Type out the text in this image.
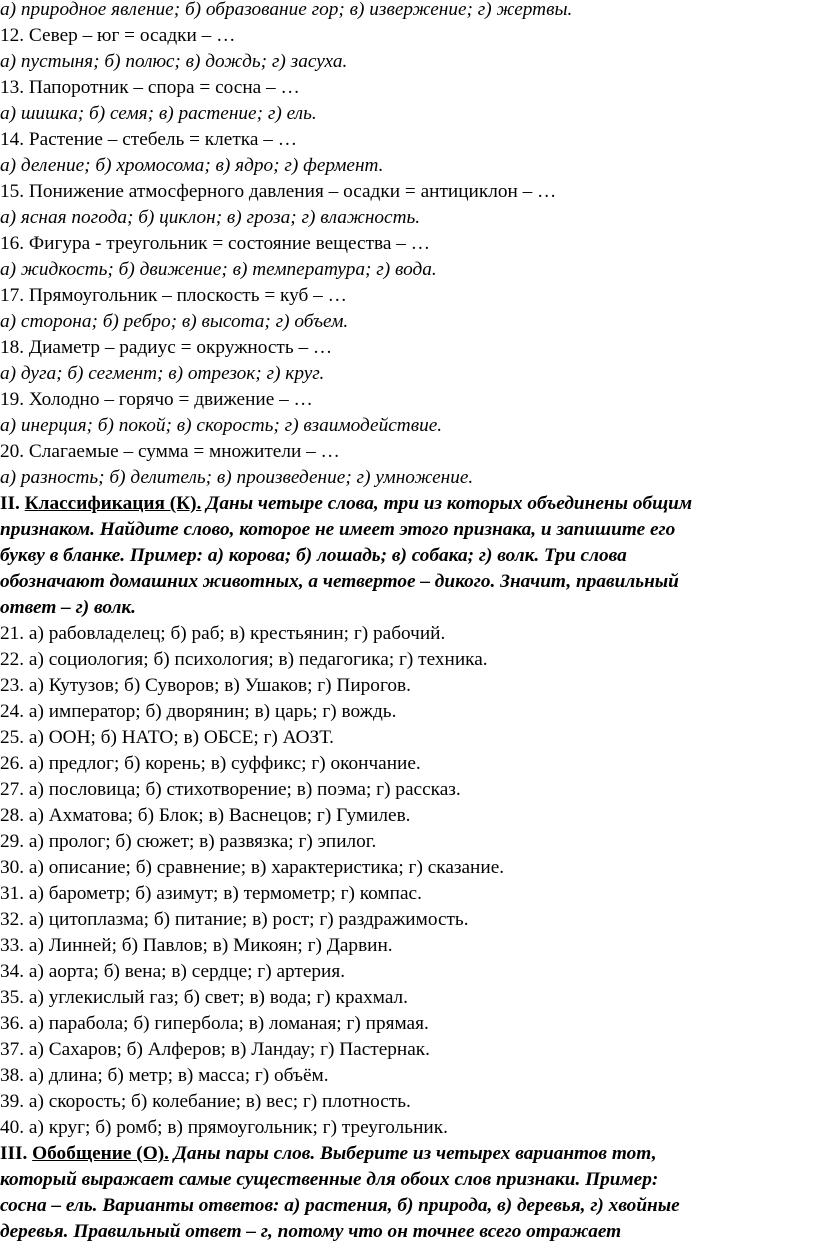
а) природное явление; б) образование гор; в) извержение; г) жертвы.
12. Север – юг = осадки – …
а) пустыня; б) полюс; в) дождь; г) засуха.
13. Папоротник – спора = сосна – …
а) шишка; б) семя; в) растение; г) ель.
14. Растение – стебель = клетка – …
а) деление; б) хромосома; в) ядро; г) фермент.
15. Понижение атмосферного давления – осадки = антициклон – …
а) ясная погода; б) циклон; в) гроза; г) влажность.
16. Фигура - треугольник = состояние вещества – …
а) жидкость; б) движение; в) температура; г) вода.
17. Прямоугольник – плоскость = куб – …
а) сторона; б) ребро; в) высота; г) объем.
18. Диаметр – радиус = окружность – …
а) дуга; б) сегмент; в) отрезок; г) круг.
19. Холодно – горячо = движение – …
а) инерция; б) покой; в) скорость; г) взаимодействие.
20. Слагаемые – сумма = множители – …
а) разность; б) делитель; в) произведение; г) умножение.
II. Классификация (К). Даны четыре слова, три из которых объединены общим
признаком. Найдите слово, которое не имеет этого признака, и запишите его
букву в бланке. Пример: а) корова; б) лошадь; в) собака; г) волк. Три слова
обозначают домашних животных, а четвертое – дикого. Значит, правильный
ответ – г) волк.
21. а) рабовладелец; б) раб; в) крестьянин; г) рабочий.
22. а) социология; б) психология; в) педагогика; г) техника.
23. а) Кутузов; б) Суворов; в) Ушаков; г) Пирогов.
24. а) император; б) дворянин; в) царь; г) вождь.
25. а) ООН; б) НАТО; в) ОБСЕ; г) АОЗТ.
26. а) предлог; б) корень; в) суффикс; г) окончание.
27. а) пословица; б) стихотворение; в) поэма; г) рассказ.
28. а) Ахматова; б) Блок; в) Васнецов; г) Гумилев.
29. а) пролог; б) сюжет; в) развязка; г) эпилог.
30. а) описание; б) сравнение; в) характеристика; г) сказание.
31. а) барометр; б) азимут; в) термометр; г) компас.
32. а) цитоплазма; б) питание; в) рост; г) раздражимость.
33. а) Линней; б) Павлов; в) Микоян; г) Дарвин.
34. а) аорта; б) вена; в) сердце; г) артерия.
35. а) углекислый газ; б) свет; в) вода; г) крахмал.
36. а) парабола; б) гипербола; в) ломаная; г) прямая.
37. а) Сахаров; б) Алферов; в) Ландау; г) Пастернак.
38. а) длина; б) метр; в) масса; г) объём.
39. а) скорость; б) колебание; в) вес; г) плотность.
40. а) круг; б) ромб; в) прямоугольник; г) треугольник.
III. Обобщение (О). Даны пары слов. Выберите из четырех вариантов тот,
который выражает самые существенные для обоих слов признаки. Пример:
сосна – ель. Варианты ответов: а) растения, б) природа, в) деревья, г) хвойные
деревья. Правильный ответ – г, потому что он точнее всего отражает
